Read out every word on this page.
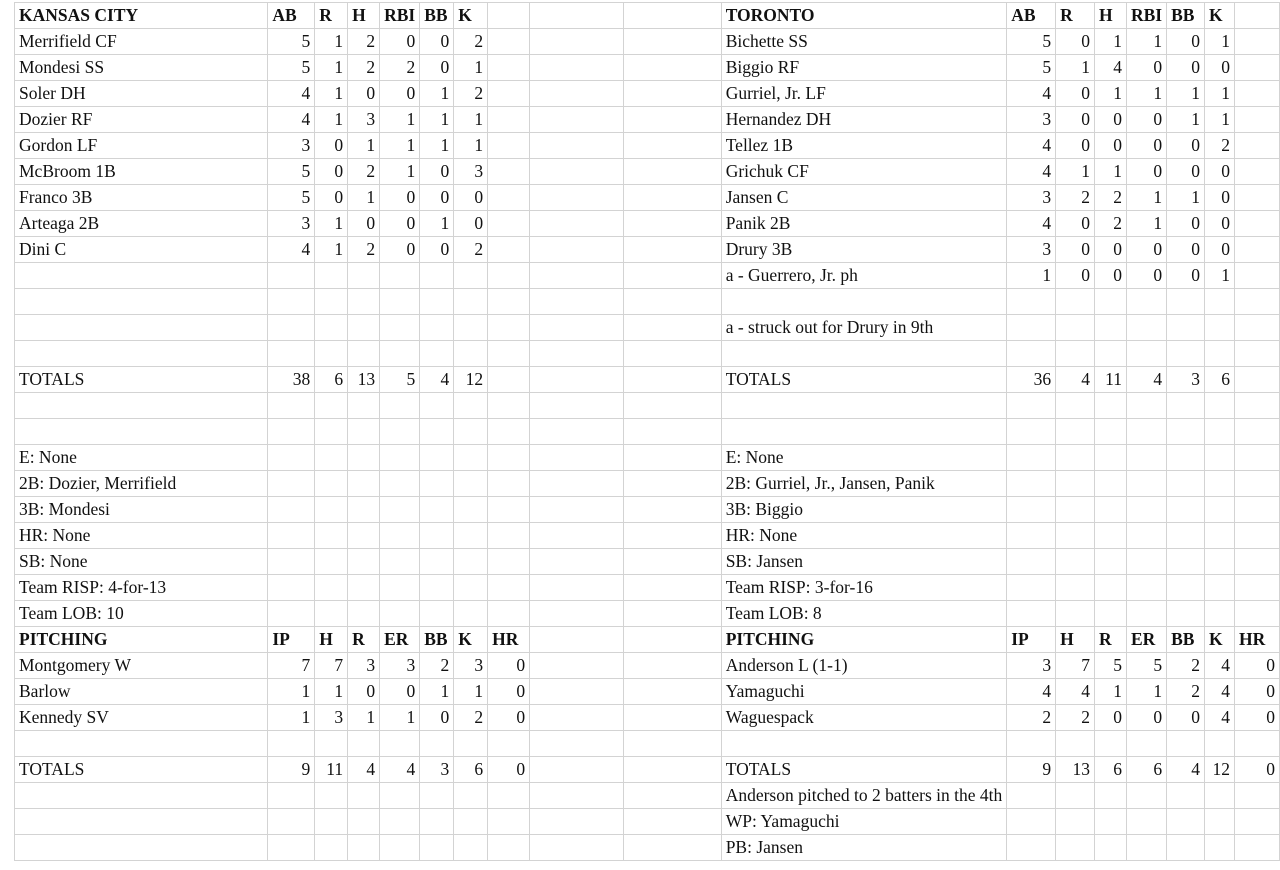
KANSAS CITY	AB	R	H	RBI	BB	K				TORONTO	AB	R	H	RBI	BB	K	
Merrifield CF	5	1	2	0	0	2				Bichette SS	5	0	1	1	0	1	
Mondesi SS	5	1	2	2	0	1				Biggio RF	5	1	4	0	0	0	
Soler DH	4	1	0	0	1	2				Gurriel, Jr. LF	4	0	1	1	1	1	
Dozier RF	4	1	3	1	1	1				Hernandez DH	3	0	0	0	1	1	
Gordon LF	3	0	1	1	1	1				Tellez 1B	4	0	0	0	0	2	
McBroom 1B	5	0	2	1	0	3				Grichuk CF	4	1	1	0	0	0	
Franco 3B	5	0	1	0	0	0				Jansen C	3	2	2	1	1	0	
Arteaga 2B	3	1	0	0	1	0				Panik 2B	4	0	2	1	0	0	
Dini C	4	1	2	0	0	2				Drury 3B	3	0	0	0	0	0	
										a - Guerrero, Jr. ph	1	0	0	0	0	1	

										a - struck out for Drury in 9th							

TOTALS	38	6	13	5	4	12				TOTALS	36	4	11	4	3	6	

E: None										E: None							
2B: Dozier, Merrifield										2B: Gurriel, Jr., Jansen, Panik							
3B: Mondesi										3B: Biggio							
HR: None										HR: None							
SB: None										SB: Jansen							
Team RISP: 4-for-13										Team RISP: 3-for-16							
Team LOB: 10										Team LOB: 8							
PITCHING	IP	H	R	ER	BB	K	HR			PITCHING	IP	H	R	ER	BB	K	HR
Montgomery W	7	7	3	3	2	3	0			Anderson L (1-1)	3	7	5	5	2	4	0
Barlow	1	1	0	0	1	1	0			Yamaguchi	4	4	1	1	2	4	0
Kennedy SV	1	3	1	1	0	2	0			Waguespack	2	2	0	0	0	4	0

TOTALS	9	11	4	4	3	6	0			TOTALS	9	13	6	6	4	12	0
										Anderson pitched to 2 batters in the 4th							
										WP: Yamaguchi							
										PB: Jansen							
